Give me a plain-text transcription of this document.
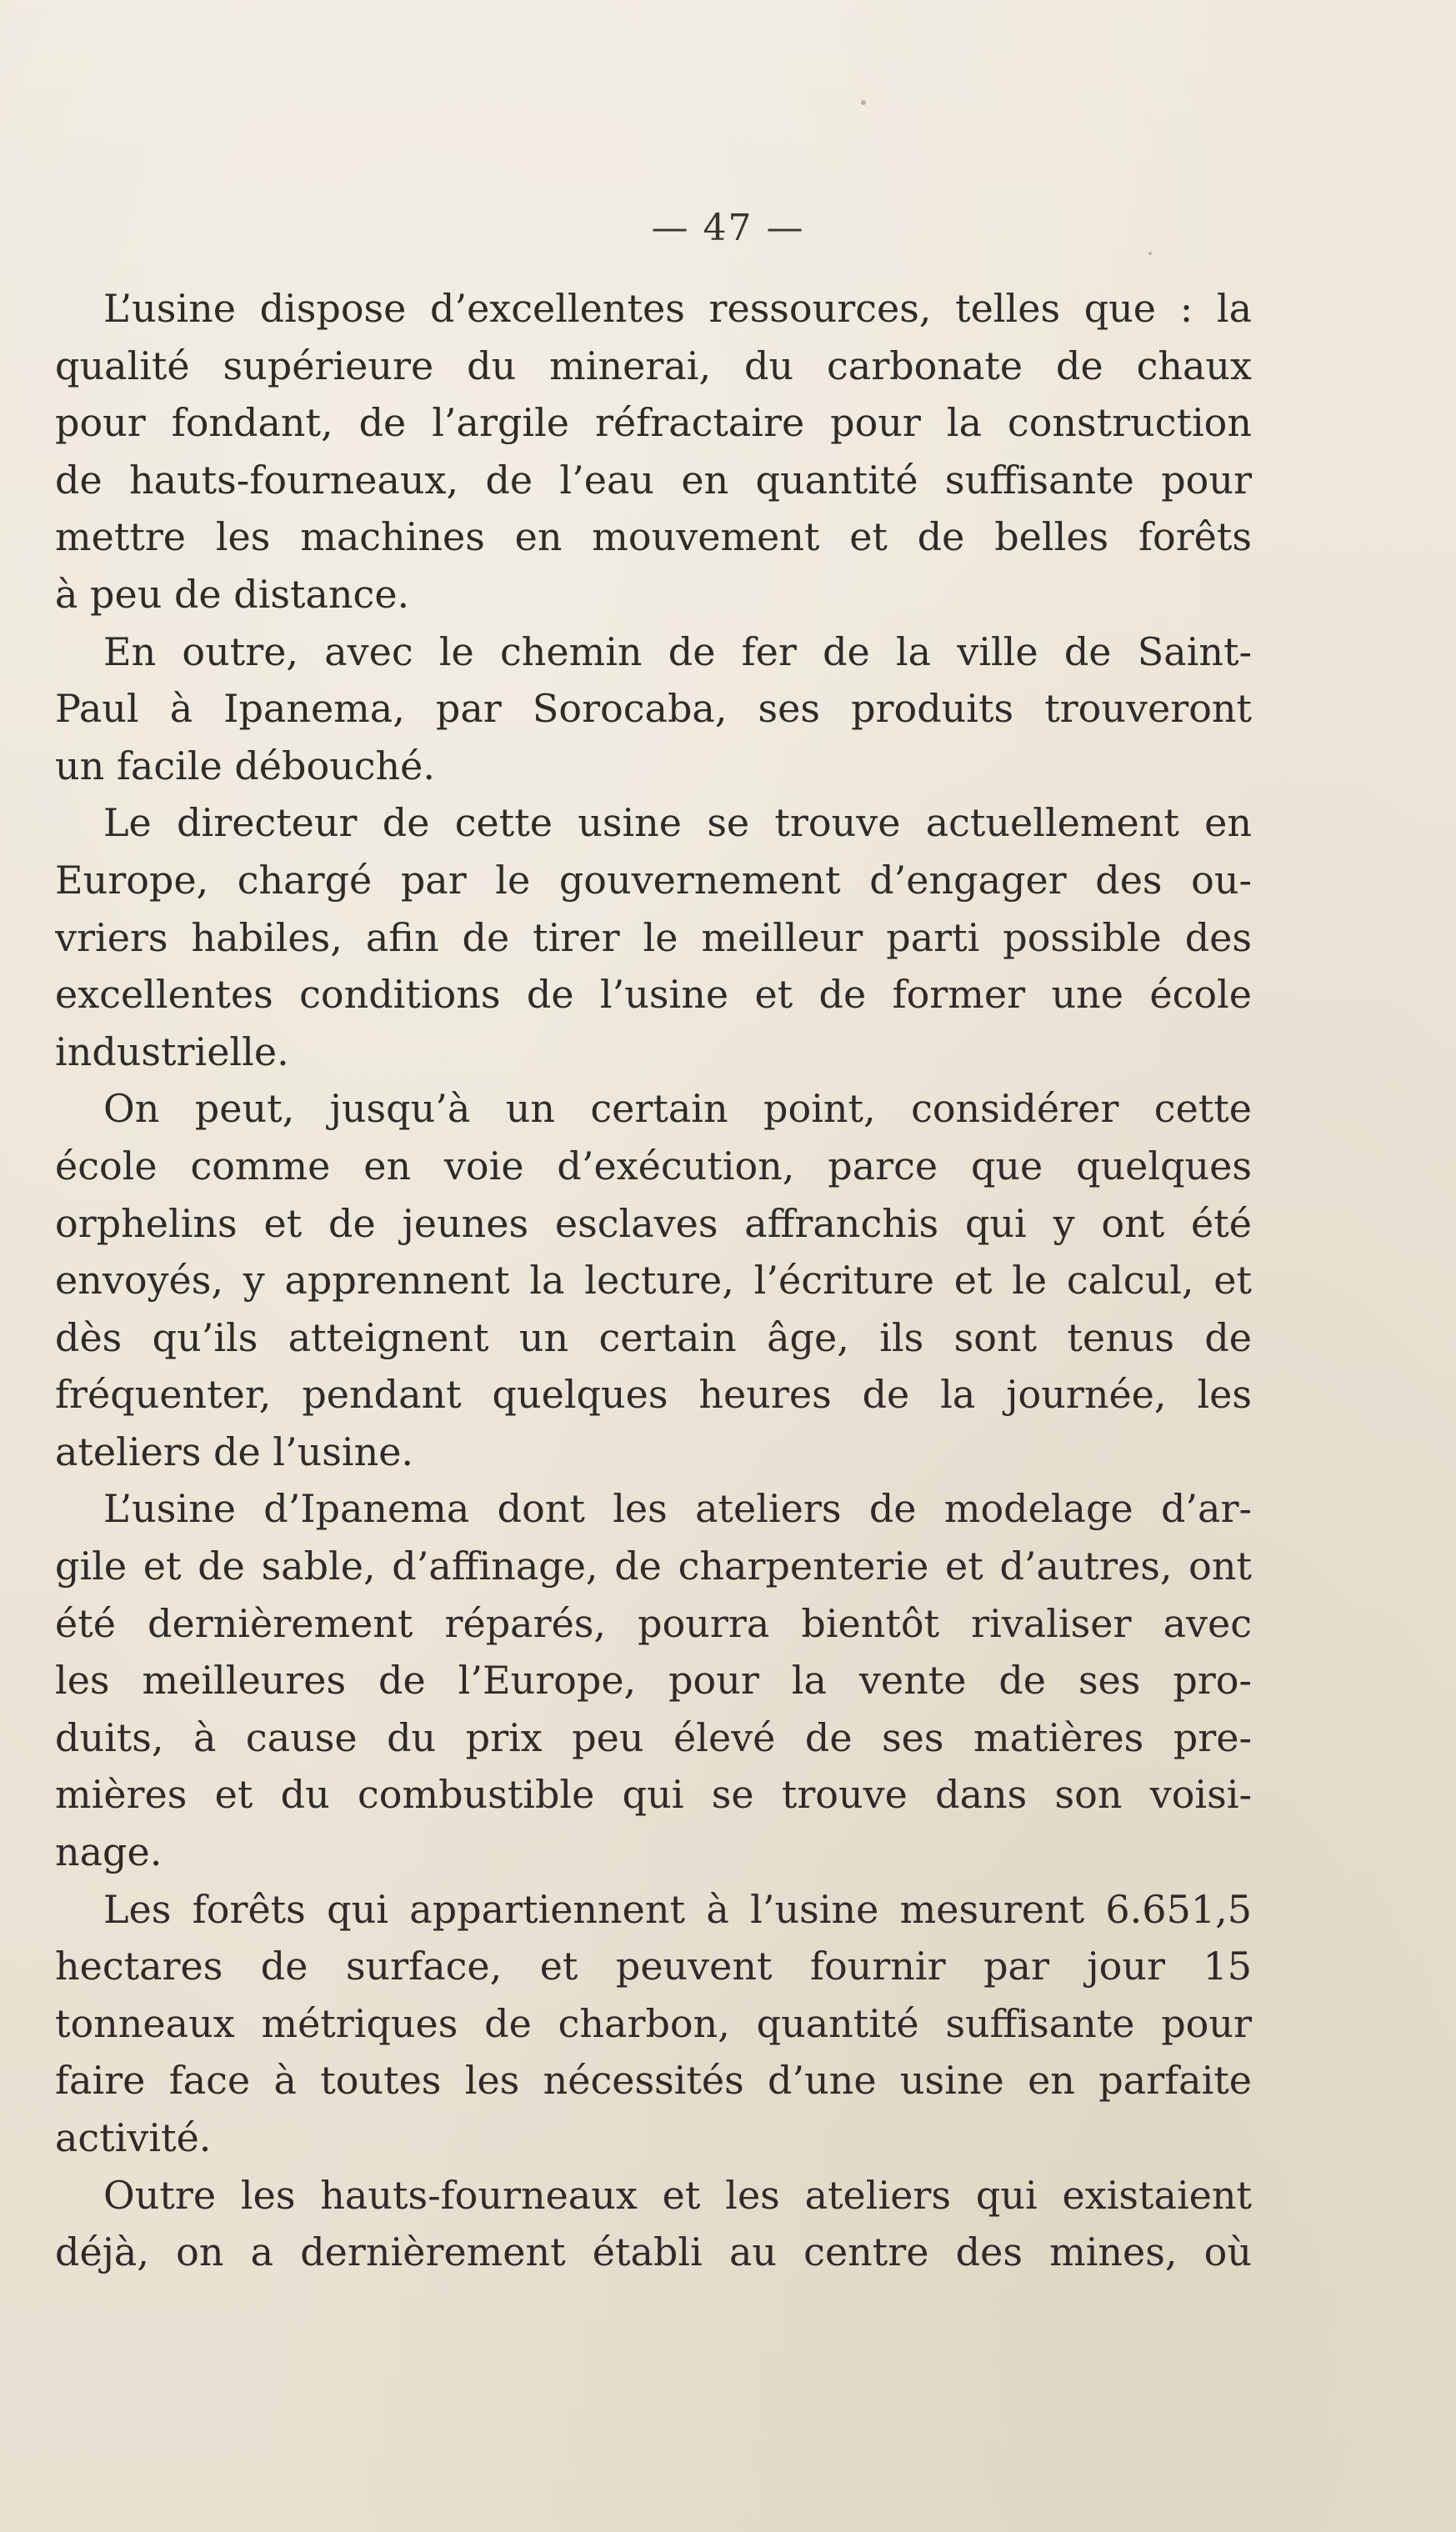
— 47 —
L’usine dispose d’excellentes ressources, telles que : la
qualité supérieure du minerai, du carbonate de chaux
pour fondant, de l’argile réfractaire pour la construction
de hauts-fourneaux, de l’eau en quantité suffisante pour
mettre les machines en mouvement et de belles forêts
à peu de distance.
En outre, avec le chemin de fer de la ville de Saint-
Paul à Ipanema, par Sorocaba, ses produits trouveront
un facile débouché.
Le directeur de cette usine se trouve actuellement en
Europe, chargé par le gouvernement d’engager des ou-
vriers habiles, afin de tirer le meilleur parti possible des
excellentes conditions de l’usine et de former une école
industrielle.
On peut, jusqu’à un certain point, considérer cette
école comme en voie d’exécution, parce que quelques
orphelins et de jeunes esclaves affranchis qui y ont été
envoyés, y apprennent la lecture, l’écriture et le calcul, et
dès qu’ils atteignent un certain âge, ils sont tenus de
fréquenter, pendant quelques heures de la journée, les
ateliers de l’usine.
L’usine d’Ipanema dont les ateliers de modelage d’ar-
gile et de sable, d’affinage, de charpenterie et d’autres, ont
été dernièrement réparés, pourra bientôt rivaliser avec
les meilleures de l’Europe, pour la vente de ses pro-
duits, à cause du prix peu élevé de ses matières pre-
mières et du combustible qui se trouve dans son voisi-
nage.
Les forêts qui appartiennent à l’usine mesurent 6.651,5
hectares de surface, et peuvent fournir par jour 15
tonneaux métriques de charbon, quantité suffisante pour
faire face à toutes les nécessités d’une usine en parfaite
activité.
Outre les hauts-fourneaux et les ateliers qui existaient
déjà, on a dernièrement établi au centre des mines, où
